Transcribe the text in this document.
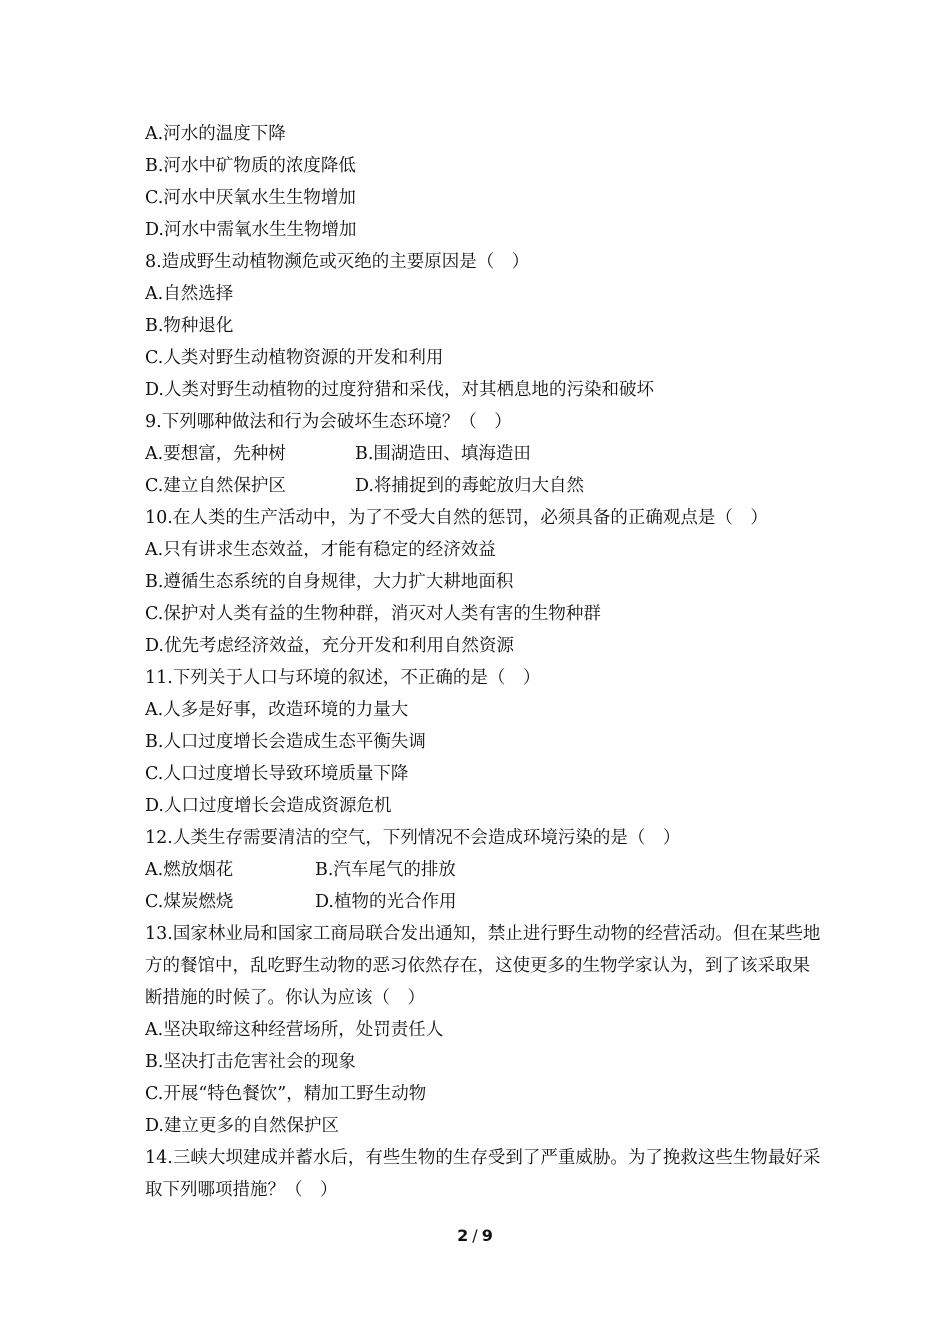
A.河水的温度下降
B.河水中矿物质的浓度降低
C.河水中厌氧水生生物增加
D.河水中需氧水生生物增加
8.造成野生动植物濒危或灭绝的主要原因是（　）
A.自然选择
B.物种退化
C.人类对野生动植物资源的开发和利用
D.人类对野生动植物的过度狩猎和采伐，对其栖息地的污染和破坏
9.下列哪种做法和行为会破坏生态环境？（　）
A.要想富，先种树	B.围湖造田、填海造田
C.建立自然保护区	D.将捕捉到的毒蛇放归大自然
10.在人类的生产活动中，为了不受大自然的惩罚，必须具备的正确观点是（　）
A.只有讲求生态效益，才能有稳定的经济效益
B.遵循生态系统的自身规律，大力扩大耕地面积
C.保护对人类有益的生物种群，消灭对人类有害的生物种群
D.优先考虑经济效益，充分开发和利用自然资源
11.下列关于人口与环境的叙述，不正确的是（　）
A.人多是好事，改造环境的力量大
B.人口过度增长会造成生态平衡失调
C.人口过度增长导致环境质量下降
D.人口过度增长会造成资源危机
12.人类生存需要清洁的空气，下列情况不会造成环境污染的是（　）
A.燃放烟花	B.汽车尾气的排放
C.煤炭燃烧	D.植物的光合作用
13.国家林业局和国家工商局联合发出通知，禁止进行野生动物的经营活动。但在某些地方的餐馆中，乱吃野生动物的恶习依然存在，这使更多的生物学家认为，到了该采取果断措施的时候了。你认为应该（　）
A.坚决取缔这种经营场所，处罚责任人
B.坚决打击危害社会的现象
C.开展“特色餐饮”，精加工野生动物
D.建立更多的自然保护区
14.三峡大坝建成并蓄水后，有些生物的生存受到了严重威胁。为了挽救这些生物最好采取下列哪项措施？（　）
2 / 9
